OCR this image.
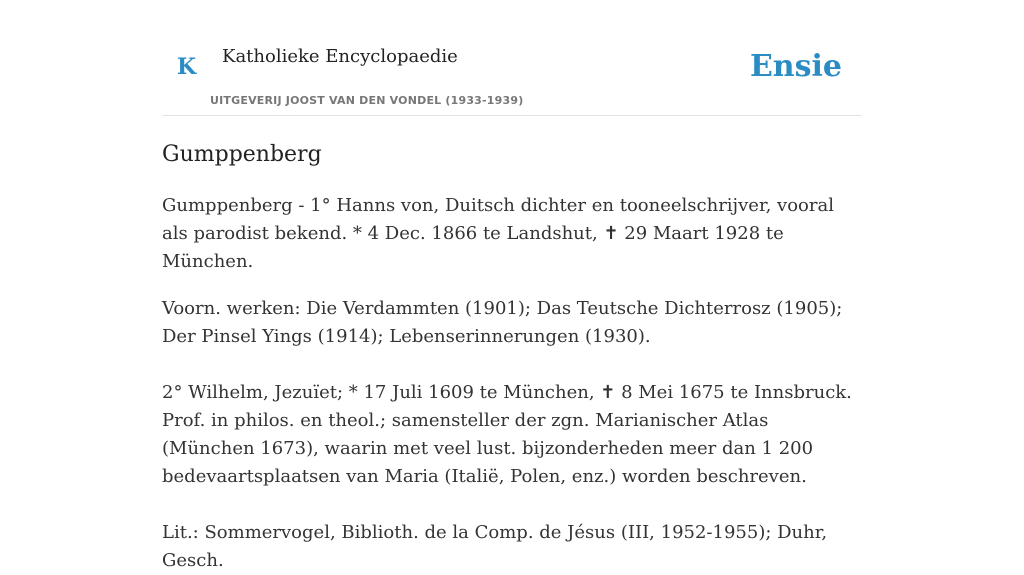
K Katholieke Encyclopaedie
UITGEVERIJ JOOST VAN DEN VONDEL (1933-1939)
Ensie
Gumppenberg

Gumppenberg - 1° Hanns von, Duitsch dichter en tooneelschrijver, vooral als parodist bekend. * 4 Dec. 1866 te Landshut, ✝ 29 Maart 1928 te München.

Voorn. werken: Die Verdammten (1901); Das Teutsche Dichterrosz (1905); Der Pinsel Yings (1914); Lebenserinnerungen (1930).

2° Wilhelm, Jezuïet; * 17 Juli 1609 te München, ✝ 8 Mei 1675 te Innsbruck. Prof. in philos. en theol.; samensteller der zgn. Marianischer Atlas (München 1673), waarin met veel lust. bijzonderheden meer dan 1 200 bedevaartsplaatsen van Maria (Italië, Polen, enz.) worden beschreven.

Lit.: Sommervogel, Biblioth. de la Comp. de Jésus (III, 1952-1955); Duhr, Gesch.
